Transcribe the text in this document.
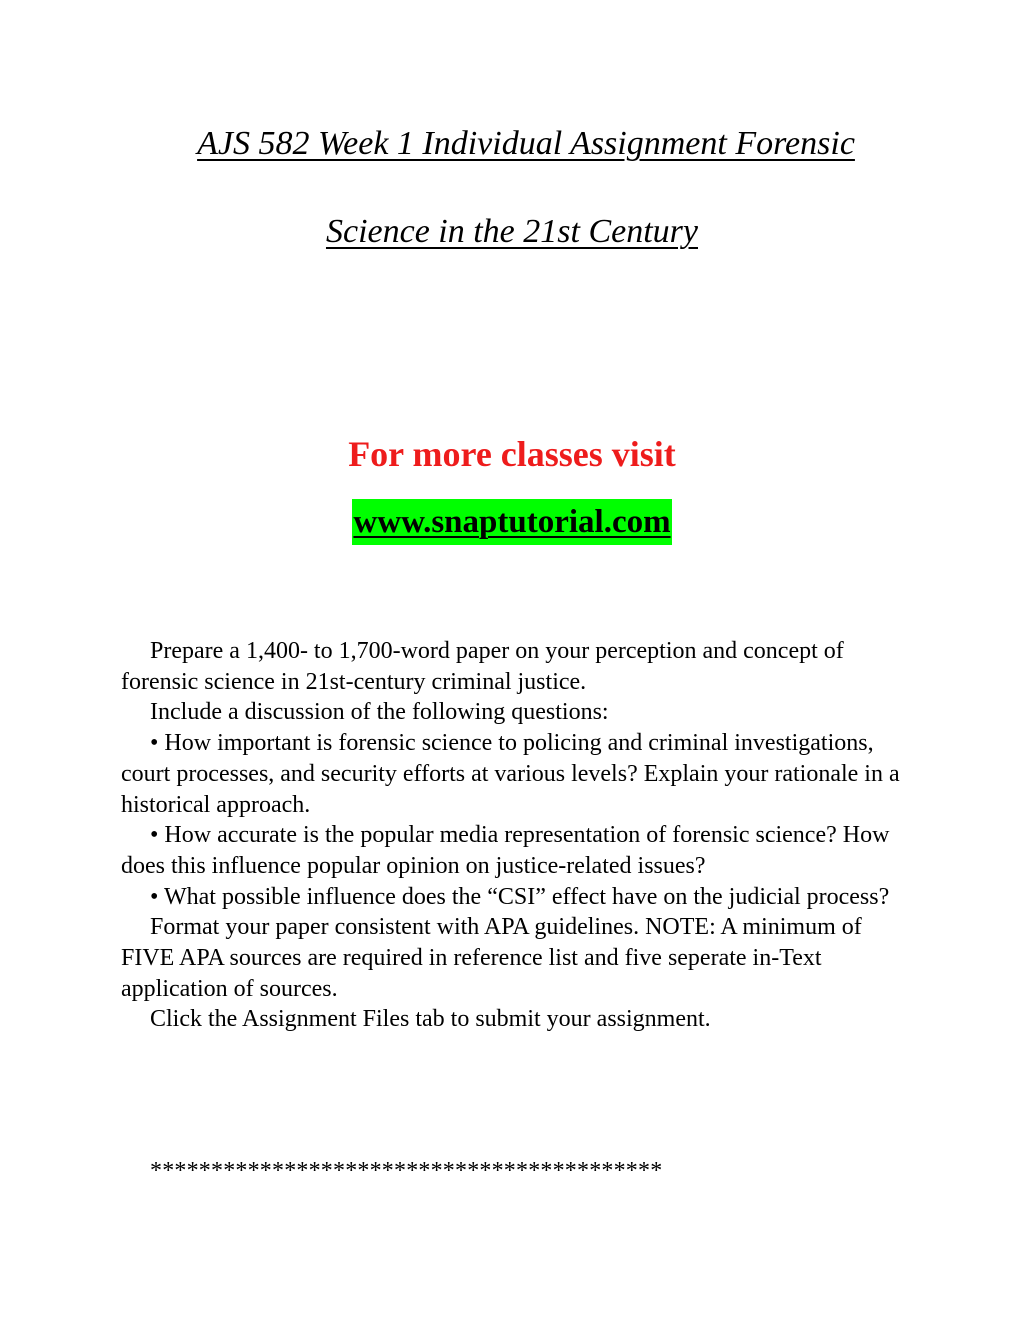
AJS 582 Week 1 Individual Assignment Forensic
Science in the 21st Century
For more classes visit
www.snaptutorial.com

Prepare a 1,400- to 1,700-word paper on your perception and concept of forensic science in 21st-century criminal justice.

Include a discussion of the following questions:

• How important is forensic science to policing and criminal investigations, court processes, and security efforts at various levels? Explain your rationale in a historical approach.

• How accurate is the popular media representation of forensic science? How does this influence popular opinion on justice-related issues?

• What possible influence does the “CSI” effect have on the judicial process?

Format your paper consistent with APA guidelines. NOTE: A minimum of FIVE APA sources are required in reference list and five seperate in-Text application of sources.

Click the Assignment Files tab to submit your assignment.

******************************************
